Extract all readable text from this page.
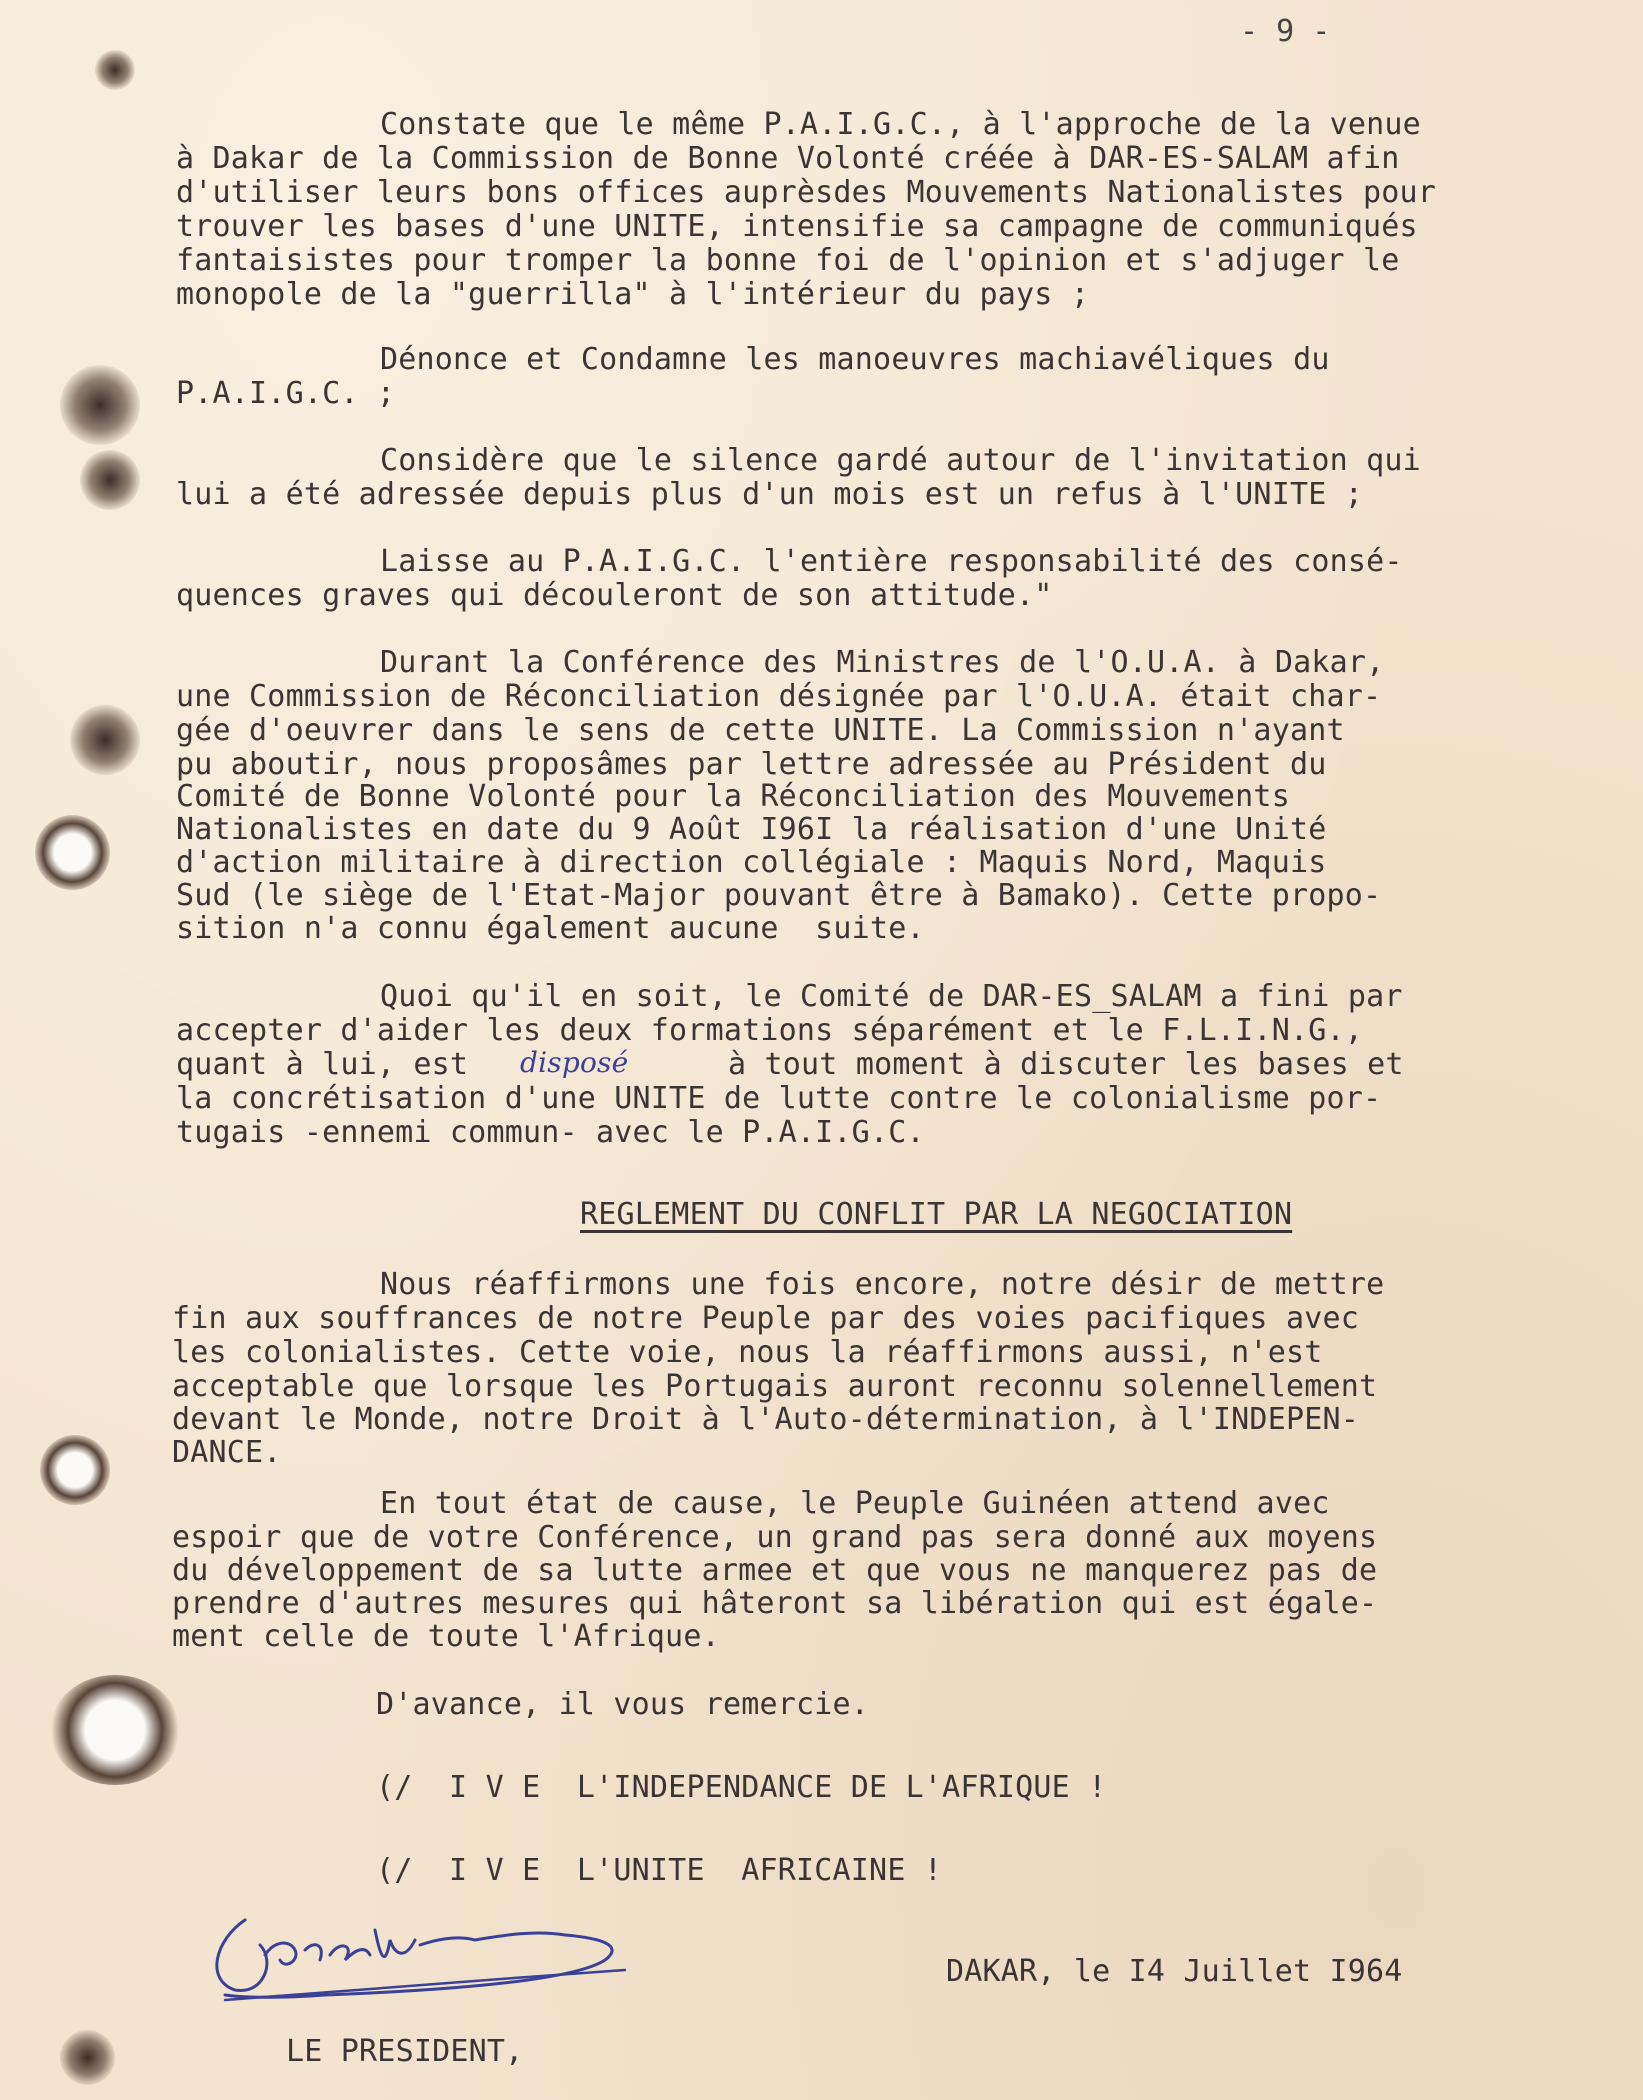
- 9 -
Constate que le même P.A.I.G.C., à l'approche de la venue
à Dakar de la Commission de Bonne Volonté créée à DAR-ES-SALAM afin
d'utiliser leurs bons offices auprèsdes Mouvements Nationalistes pour
trouver les bases d'une UNITE, intensifie sa campagne de communiqués
fantaisistes pour tromper la bonne foi de l'opinion et s'adjuger le
monopole de la "guerrilla" à l'intérieur du pays ;
Dénonce et Condamne les manoeuvres machiavéliques du
P.A.I.G.C. ;
Considère que le silence gardé autour de l'invitation qui
lui a été adressée depuis plus d'un mois est un refus à l'UNITE ;
Laisse au P.A.I.G.C. l'entière responsabilité des consé-
quences graves qui découleront de son attitude."
Durant la Conférence des Ministres de l'O.U.A. à Dakar,
une Commission de Réconciliation désignée par l'O.U.A. était char-
gée d'oeuvrer dans le sens de cette UNITE. La Commission n'ayant
pu aboutir, nous proposâmes par lettre adressée au Président du
Comité de Bonne Volonté pour la Réconciliation des Mouvements
Nationalistes en date du 9 Août I96I la réalisation d'une Unité
d'action militaire à direction collégiale : Maquis Nord, Maquis
Sud (le siège de l'Etat-Major pouvant être à Bamako). Cette propo-
sition n'a connu également aucune  suite.
Quoi qu'il en soit, le Comité de DAR-ES_SALAM a fini par
accepter d'aider les deux formations séparément et le F.L.I.N.G.,
quant à lui, est disposé	à tout moment à discuter les bases et
la concrétisation d'une UNITE de lutte contre le colonialisme por-
tugais -ennemi commun- avec le P.A.I.G.C.
REGLEMENT DU CONFLIT PAR LA NEGOCIATION
Nous réaffirmons une fois encore, notre désir de mettre
fin aux souffrances de notre Peuple par des voies pacifiques avec
les colonialistes. Cette voie, nous la réaffirmons aussi, n'est
acceptable que lorsque les Portugais auront reconnu solennellement
devant le Monde, notre Droit à l'Auto-détermination, à l'INDEPEN-
DANCE.
En tout état de cause, le Peuple Guinéen attend avec
espoir que de votre Conférence, un grand pas sera donné aux moyens
du développement de sa lutte armee et que vous ne manquerez pas de
prendre d'autres mesures qui hâteront sa libération qui est égale-
ment celle de toute l'Afrique.
D'avance, il vous remercie.
(/  I V E  L'INDEPENDANCE DE L'AFRIQUE !
(/  I V E  L'UNITE  AFRICAINE !
DAKAR, le I4 Juillet I964
LE PRESIDENT,
